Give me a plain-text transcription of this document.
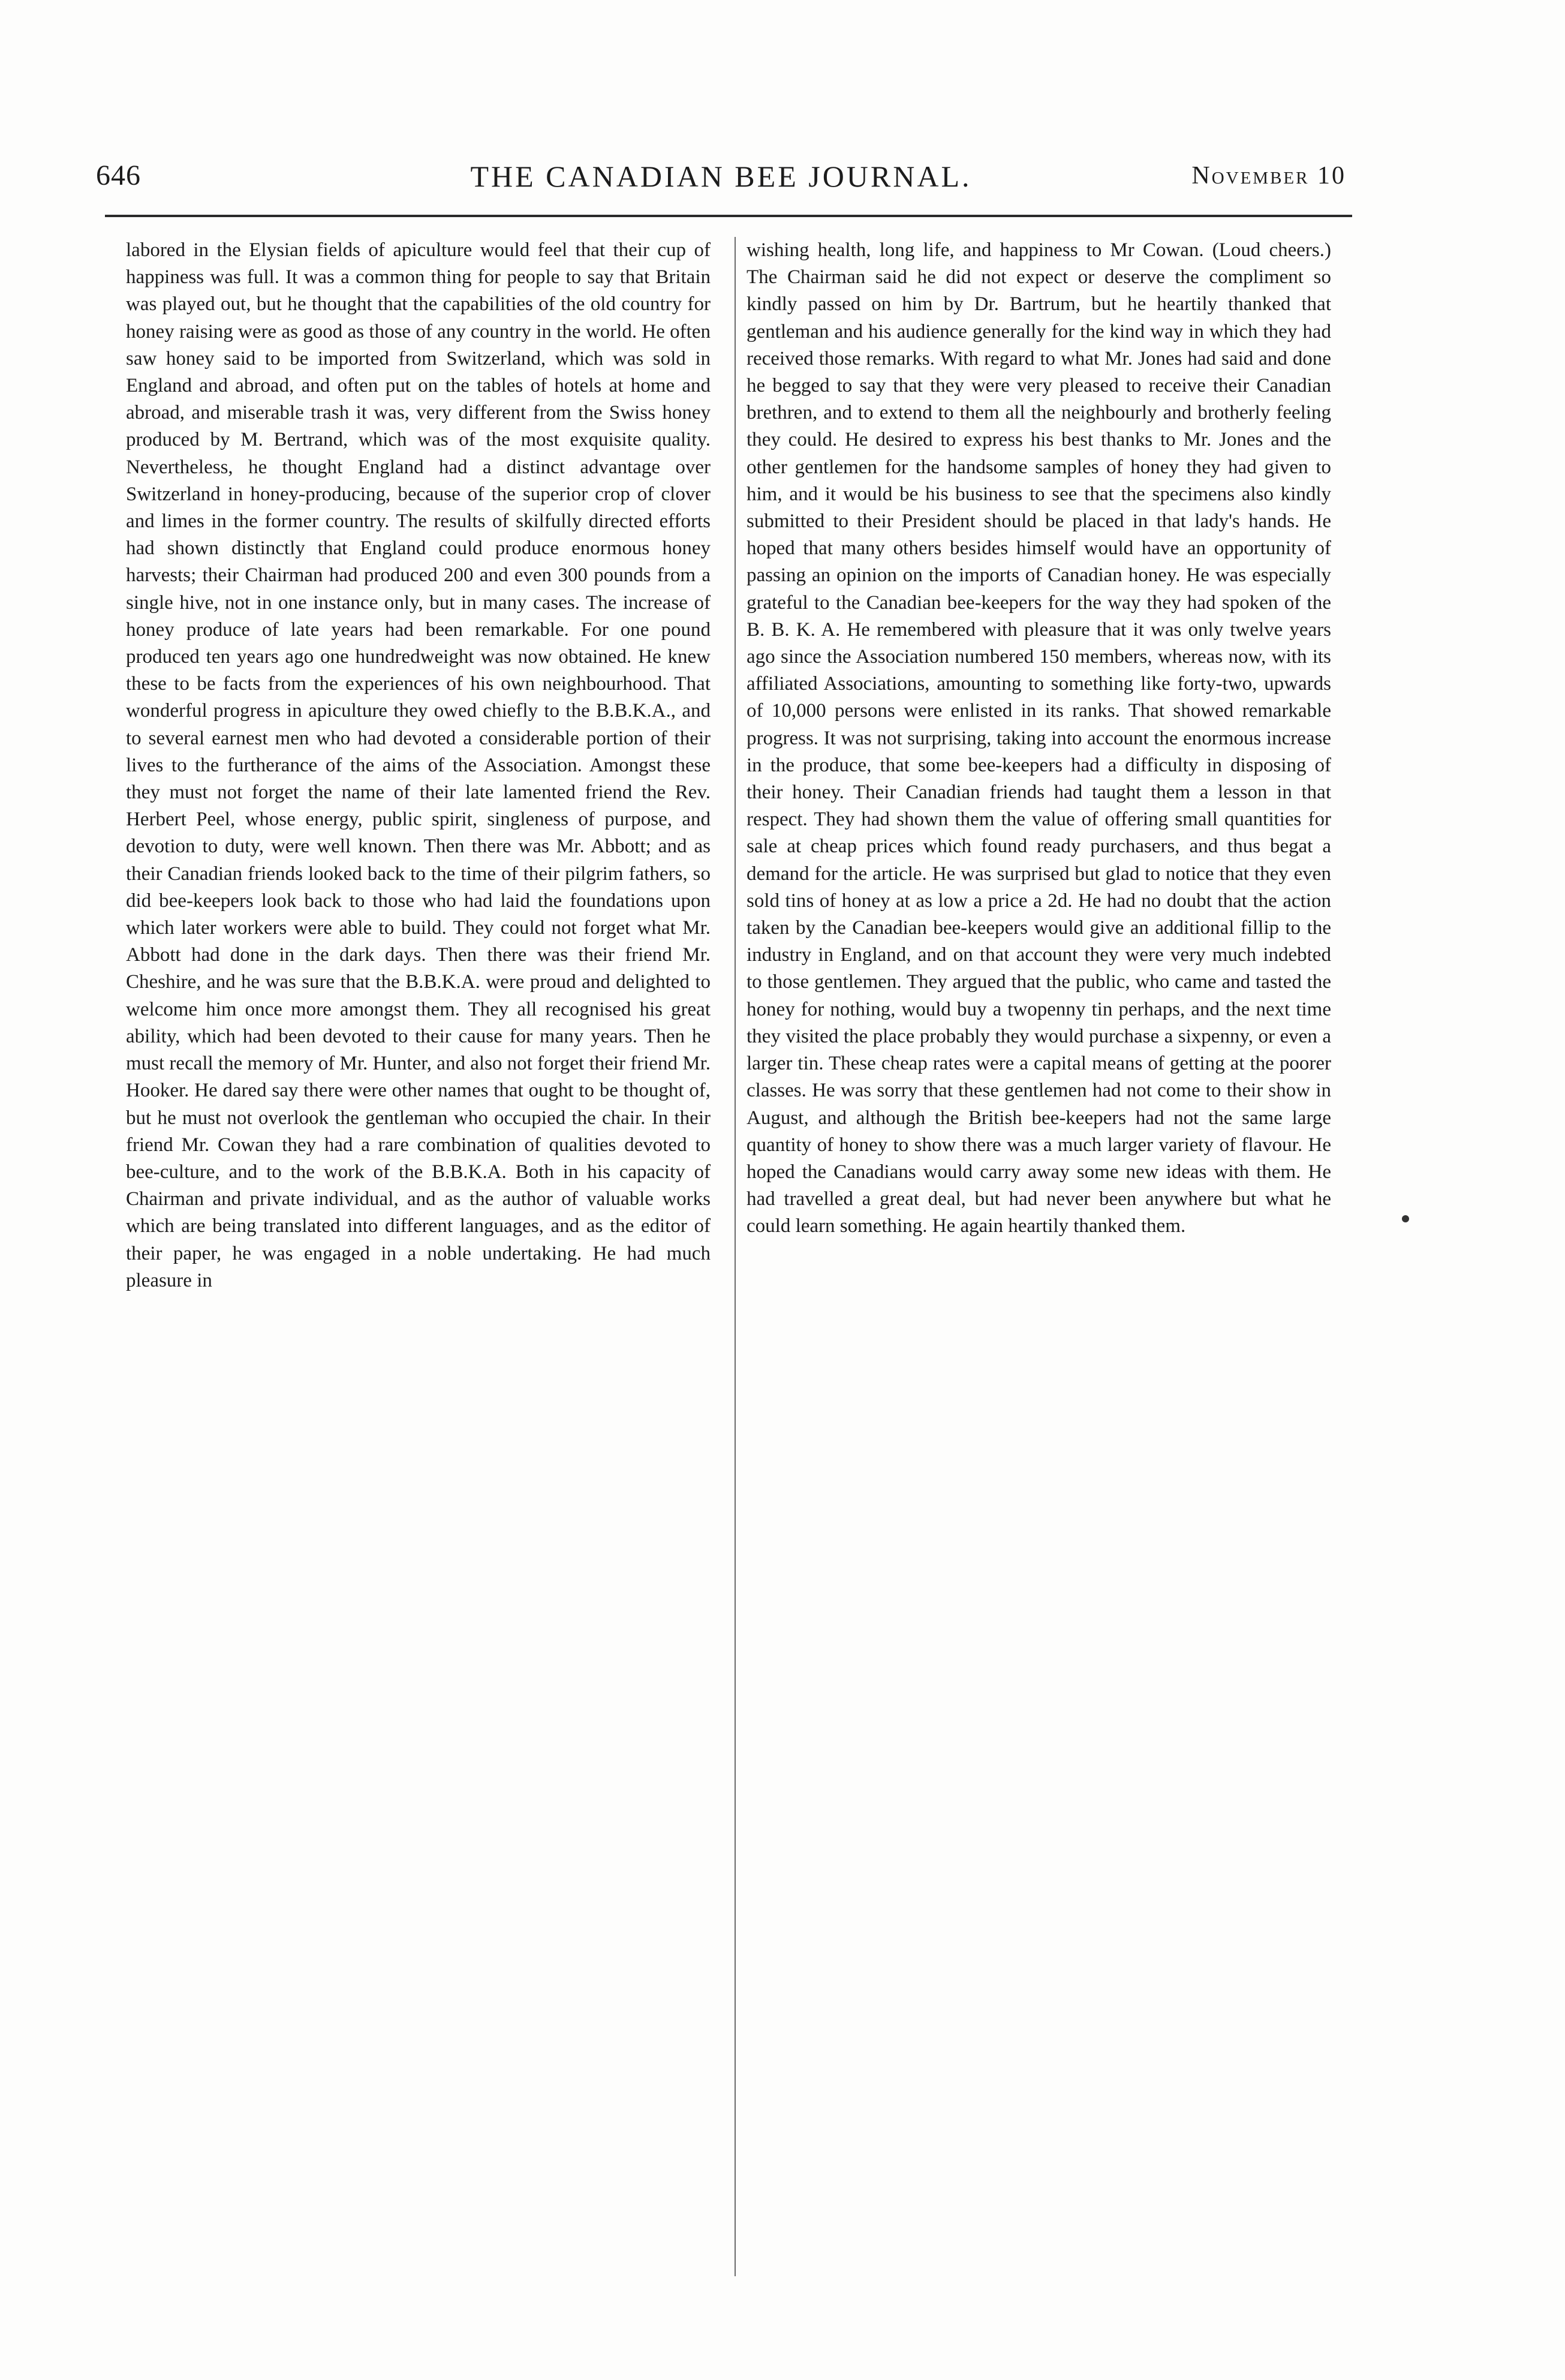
646	THE CANADIAN BEE JOURNAL.	November 10

labored in the Elysian fields of apiculture would feel that their cup of happiness was full. It was a common thing for people to say that Britain was played out, but he thought that the capabilities of the old country for honey raising were as good as those of any country in the world. He often saw honey said to be imported from Switzerland, which was sold in England and abroad, and often put on the tables of hotels at home and abroad, and miserable trash it was, very different from the Swiss honey produced by M. Bertrand, which was of the most exquisite quality. Nevertheless, he thought England had a distinct advantage over Switzerland in honey-producing, because of the superior crop of clover and limes in the former country. The results of skilfully directed efforts had shown distinctly that England could produce enormous honey harvests; their Chairman had produced 200 and even 300 pounds from a single hive, not in one instance only, but in many cases. The increase of honey produce of late years had been remarkable. For one pound produced ten years ago one hundredweight was now obtained. He knew these to be facts from the experiences of his own neighbourhood. That wonderful progress in apiculture they owed chiefly to the B.B.K.A., and to several earnest men who had devoted a considerable portion of their lives to the furtherance of the aims of the Association. Amongst these they must not forget the name of their late lamented friend the Rev. Herbert Peel, whose energy, public spirit, singleness of purpose, and devotion to duty, were well known. Then there was Mr. Abbott; and as their Canadian friends looked back to the time of their pilgrim fathers, so did bee-keepers look back to those who had laid the foundations upon which later workers were able to build. They could not forget what Mr. Abbott had done in the dark days. Then there was their friend Mr. Cheshire, and he was sure that the B.B.K.A. were proud and delighted to welcome him once more amongst them. They all recognised his great ability, which had been devoted to their cause for many years. Then he must recall the memory of Mr. Hunter, and also not forget their friend Mr. Hooker. He dared say there were other names that ought to be thought of, but he must not overlook the gentleman who occupied the chair. In their friend Mr. Cowan they had a rare combination of qualities devoted to bee-culture, and to the work of the B.B.K.A. Both in his capacity of Chairman and private individual, and as the author of valuable works which are being translated into different languages, and as the editor of their paper, he was engaged in a noble undertaking. He had much pleasure in

wishing health, long life, and happiness to Mr Cowan. (Loud cheers.) The Chairman said he did not expect or deserve the compliment so kindly passed on him by Dr. Bartrum, but he heartily thanked that gentleman and his audience generally for the kind way in which they had received those remarks. With regard to what Mr. Jones had said and done he begged to say that they were very pleased to receive their Canadian brethren, and to extend to them all the neighbourly and brotherly feeling they could. He desired to express his best thanks to Mr. Jones and the other gentlemen for the handsome samples of honey they had given to him, and it would be his business to see that the specimens also kindly submitted to their President should be placed in that lady's hands. He hoped that many others besides himself would have an opportunity of passing an opinion on the imports of Canadian honey. He was especially grateful to the Canadian bee-keepers for the way they had spoken of the B. B. K. A. He remembered with pleasure that it was only twelve years ago since the Association numbered 150 members, whereas now, with its affiliated Associations, amounting to something like forty-two, upwards of 10,000 persons were enlisted in its ranks. That showed remarkable progress. It was not surprising, taking into account the enormous increase in the produce, that some bee-keepers had a difficulty in disposing of their honey. Their Canadian friends had taught them a lesson in that respect. They had shown them the value of offering small quantities for sale at cheap prices which found ready purchasers, and thus begat a demand for the article. He was surprised but glad to notice that they even sold tins of honey at as low a price a 2d. He had no doubt that the action taken by the Canadian bee-keepers would give an additional fillip to the industry in England, and on that account they were very much indebted to those gentlemen. They argued that the public, who came and tasted the honey for nothing, would buy a twopenny tin perhaps, and the next time they visited the place probably they would purchase a sixpenny, or even a larger tin. These cheap rates were a capital means of getting at the poorer classes. He was sorry that these gentlemen had not come to their show in August, and although the British bee-keepers had not the same large quantity of honey to show there was a much larger variety of flavour. He hoped the Canadians would carry away some new ideas with them. He had travelled a great deal, but had never been anywhere but what he could learn something. He again heartily thanked them.
